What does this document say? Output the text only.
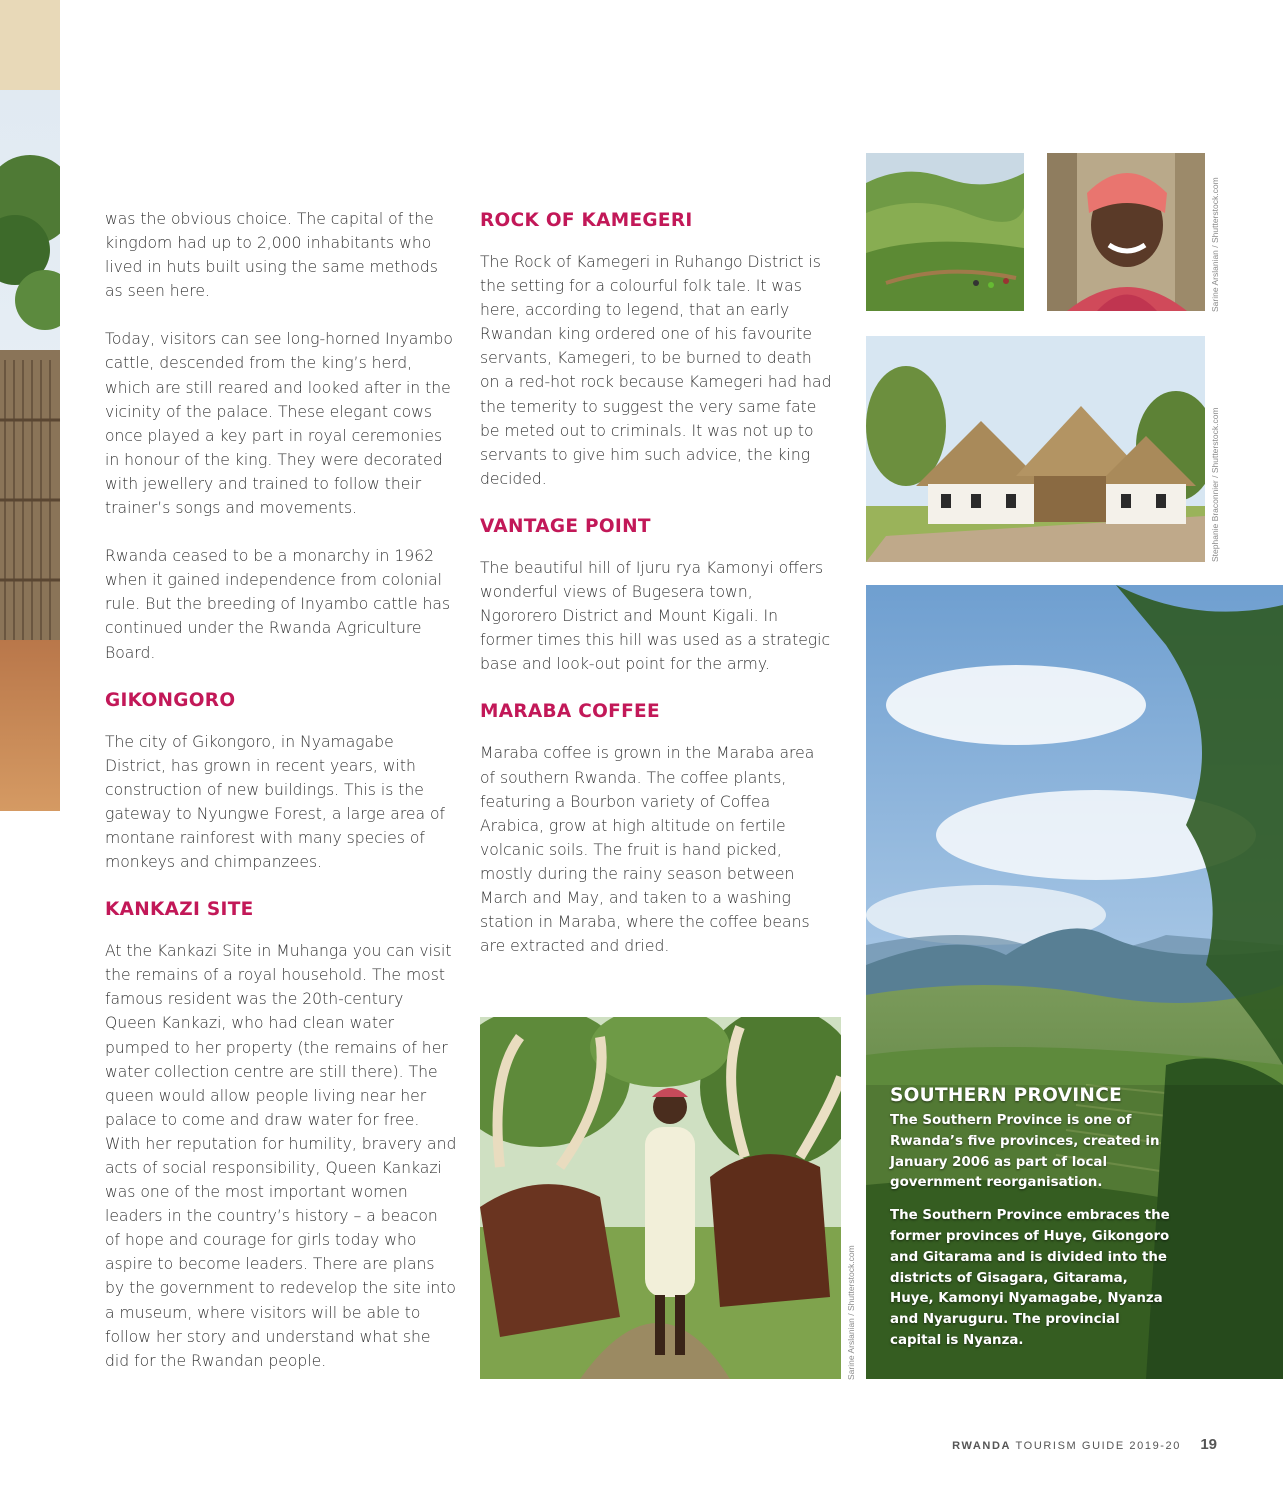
was the obvious choice. The capital of the kingdom had up to 2,000 inhabitants who lived in huts built using the same methods as seen here.

Today, visitors can see long-horned Inyambo cattle, descended from the king’s herd, which are still reared and looked after in the vicinity of the palace. These elegant cows once played a key part in royal ceremonies in honour of the king. They were decorated with jewellery and trained to follow their trainer’s songs and movements.

Rwanda ceased to be a monarchy in 1962 when it gained independence from colonial rule. But the breeding of Inyambo cattle has continued under the Rwanda Agriculture Board.

GIKONGORO

The city of Gikongoro, in Nyamagabe District, has grown in recent years, with construction of new buildings. This is the gateway to Nyungwe Forest, a large area of montane rainforest with many species of monkeys and chimpanzees.

KANKAZI SITE

At the Kankazi Site in Muhanga you can visit the remains of a royal household. The most famous resident was the 20th-century Queen Kankazi, who had clean water pumped to her property (the remains of her water collection centre are still there). The queen would allow people living near her palace to come and draw water for free. With her reputation for humility, bravery and acts of social responsibility, Queen Kankazi was one of the most important women leaders in the country’s history – a beacon of hope and courage for girls today who aspire to become leaders. There are plans by the government to redevelop the site into a museum, where visitors will be able to follow her story and understand what she did for the Rwandan people.

ROCK OF KAMEGERI

The Rock of Kamegeri in Ruhango District is the setting for a colourful folk tale. It was here, according to legend, that an early Rwandan king ordered one of his favourite servants, Kamegeri, to be burned to death on a red-hot rock because Kamegeri had had the temerity to suggest the very same fate be meted out to criminals. It was not up to servants to give him such advice, the king decided.

VANTAGE POINT

The beautiful hill of Ijuru rya Kamonyi offers wonderful views of Bugesera town, Ngororero District and Mount Kigali. In former times this hill was used as a strategic base and look-out point for the army.

MARABA COFFEE

Maraba coffee is grown in the Maraba area of southern Rwanda. The coffee plants, featuring a Bourbon variety of Coffea Arabica, grow at high altitude on fertile volcanic soils. The fruit is hand picked, mostly during the rainy season between March and May, and taken to a washing station in Maraba, where the coffee beans are extracted and dried.

Sarine Arslanian / Shutterstock.com
Stephanie Braconnier / Shutterstock.com
SOUTHERN PROVINCE

The Southern Province is one of Rwanda’s five provinces, created in January 2006 as part of local government reorganisation.

The Southern Province embraces the former provinces of Huye, Gikongoro and Gitarama and is divided into the districts of Gisagara, Gitarama, Huye, Kamonyi Nyamagabe, Nyanza and Nyaruguru. The provincial capital is Nyanza.

Sarine Arslanian / Shutterstock.com
RWANDA TOURISM GUIDE 2019-20 19
